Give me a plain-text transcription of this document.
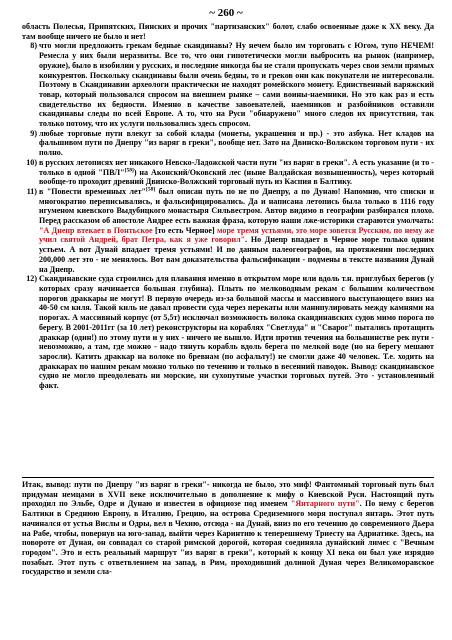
~ 260 ~

область Полесья, Припятских, Пинских и прочих "партизанских" болот, слабо освоенные даже к XX веку. Да там вообще ничего не было и нет!

8) что могли предложить грекам бедные скандинавы? Ну нечем было им торговать с Югом, тупо НЕЧЕМ! Ремесла у них были неразвиты. Все то, что они гипотетически могли выбросить на рынок (например, оружие), было в изобилии у русских, и последние никогда бы не стали пропускать через свои земли прямых конкурентов. Поскольку скандинавы были очень бедны, то и греков они как покупатели не интересовали. Поэтому в Скандинавии археологи практически не находят ромейского монету. Единственный варяжский товар, который пользовался спросом на внешнем рынке – сами воины-наемники. Но это как раз и есть свидетельство их бедности. Именно в качестве завоевателей, наемников и разбойников оставили скандинавы следы по всей Европе. А то, что на Руси "обнаружено" много следов их присутствия, так только потому, что их услуги пользовались здесь спросом.
9) любые торговые пути влекут за собой клады (монеты, украшения и пр.) - это азбука. Нет кладов на фальшивом пути по Днепру "из варяг в греки", вообще нет. Зато на Двинско-Волжском торговом пути - их полно.
10) в русских летописях нет никакого Невско-Ладожской части пути "из варяг в греки". А есть указание (и то - только в одной "ПВЛ"[58]) на Аконский/Оковский лес (ныне Валдайская возвышенность), через который вообще-то проходит древний Двинско-Волжский торговый путь из Каспия в Балтику.
11) в "Повести временных лет"[58] был описан путь по не по Днепру, а по Дунаю! Напомню, что списки и многократно переписывались, и фальсифицировались. Да и написана летопись была только в 1116 году игуменом киевского Выдубицкого монастыря Сильвестром. Автор видимо в географии разбирался плохо. Перед рассказом об апостоле Андрее есть важная фраза, которую наши лже-историки стараются умолчать: "А Днепр втекает в Понтьское [то есть Черное] море тремя устьями, это море зовется Русским, по нему же учил святой Андрей, брат Петра, как я уже говорил". Но Днепр впадает в Черное море только одним устьем. А вот Дунай впадает тремя устьями! И по данным палеогеографов, на протяжении последних 200,000 лет это - не менялось. Вот вам доказательства фальсификации - подмены в тексте названия Дунай на Днепр.
12) Скандинавские суда строились для плавания именно в открытом море или вдоль т.н. приглубых берегов (у которых сразу начинается большая глубина). Плыть по мелководным рекам с большим количеством порогов драккары не могут! В первую очередь из-за большой массы и массивного выступающего вниз на 40-50 см киля. Такой киль не давал провести суда через перекаты или манипулировать между камнями на порогах. А массивный корпус (от 5,5т) исключал возможность волока скандинавских судов мимо порога по берегу. В 2001-2011гг (за 10 лет) реконструкторы на кораблях "Светлуда" и "Сварог" пытались протащить драккар (один!) по этому пути и у них - ничего не вышло. Идти против течения на большинстве рек пути - невозможно, а там, где можно - надо тянуть корабль вдоль берега по мелкой воде (но на берегу мешают заросли). Катить драккар на волоке по бревнам (по асфальту!) не смогли даже 40 человек. Т.е. ходить на драккарах по нашим рекам можно только по течению и только в весенний паводок. Вывод: скандинавское судно не могло преодолевать ни морские, ни сухопутные участки торговых путей. Это - установленный факт.

Итак, вывод: пути по Днепру "из варяг в греки"- никогда не было, это миф! Фантомный торговый путь был придуман немцами в XVII веке исключительно в дополнение к мифу о Киевской Руси. Настоящий путь проходил по Эльбе, Одре и Дунаю и известен в официозе под именем "Янтарного пути". По нему с берегов Балтики в Среднюю Европу, в Италию, Грецию, на острова Средиземного моря поступал янтарь. Этот путь начинался от устья Вислы и Одры, вел в Чехию, отсюда - на Дунай, вниз по его течению до современного Дьера на Рабе, чтобы, повернув на юго-запад, выйти через Каринтию к теперешнему Триесту на Адриатике. Здесь, на повороте от Дуная, он совпадал со старой римской дорогой, которая соединяла дунайский лимес с "Вечным городом". Это и есть реальный маршрут "из варяг в греки", который к концу XI века он был уже изрядно позабыт. Этот путь с ответвлением на запад, в Рим, проходивший долиной Дуная через Великоморавское государство и земли сла-
